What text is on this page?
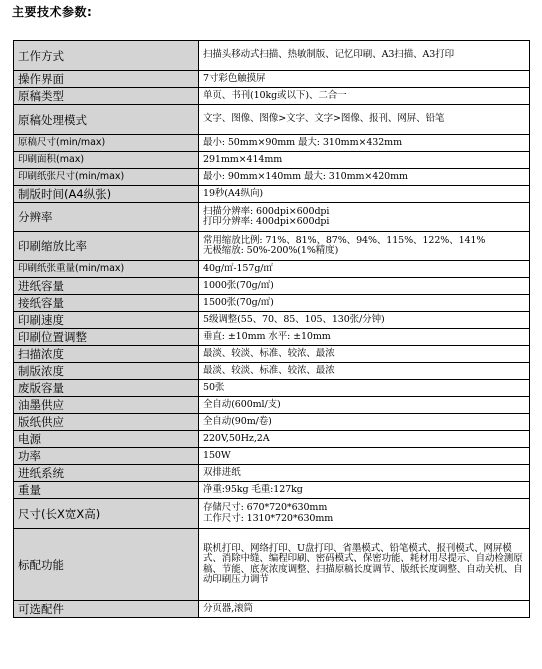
主要技术参数:
工作方式	扫描头移动式扫描、热敏制版、记忆印刷、A3扫描、A3打印
操作界面	7寸彩色触摸屏
原稿类型	单页、书刊(10kg或以下)、二合一
原稿处理模式	文字、图像、图像>文字、文字>图像、报刊、网屏、铅笔
原稿尺寸(min/max)	最小: 50mm×90mm 最大: 310mm×432mm
印刷面积(max)	291mm×414mm
印刷纸张尺寸(min/max)	最小: 90mm×140mm 最大: 310mm×420mm
制版时间(A4纵张)	19秒(A4纵向)
分辨率	扫描分辨率: 600dpi×600dpi
打印分辨率: 400dpi×600dpi
印刷缩放比率	常用缩放比例: 71%、81%、87%、94%、115%、122%、141%
无极缩放: 50%-200%(1%精度)
印刷纸张重量(min/max)	40g/㎡-157g/㎡
进纸容量	1000张(70g/㎡)
接纸容量	1500张(70g/㎡)
印刷速度	5级调整(55、70、85、105、130张/分钟)
印刷位置调整	垂直: ±10mm 水平: ±10mm
扫描浓度	最淡、较淡、标准、较浓、最浓
制版浓度	最淡、较淡、标准、较浓、最浓
废版容量	50张
油墨供应	全自动(600ml/支)
版纸供应	全自动(90m/卷)
电源	220V,50Hz,2A
功率	150W
进纸系统	双排进纸
重量	净重:95kg 毛重:127kg
尺寸(长X宽X高)	存储尺寸: 670*720*630mm
工作尺寸: 1310*720*630mm
标配功能	联机打印、网络打印、U盘打印、省墨模式、铅笔模式、报刊模式、网屏模式、消除中缝、编程印刷、密码模式、保密功能、耗材用尽提示、自动检测原稿、节能、底灰浓度调整、扫描原稿长度调节、版纸长度调整、自动关机、自动印刷压力调节
可选配件	分页器,滚筒
